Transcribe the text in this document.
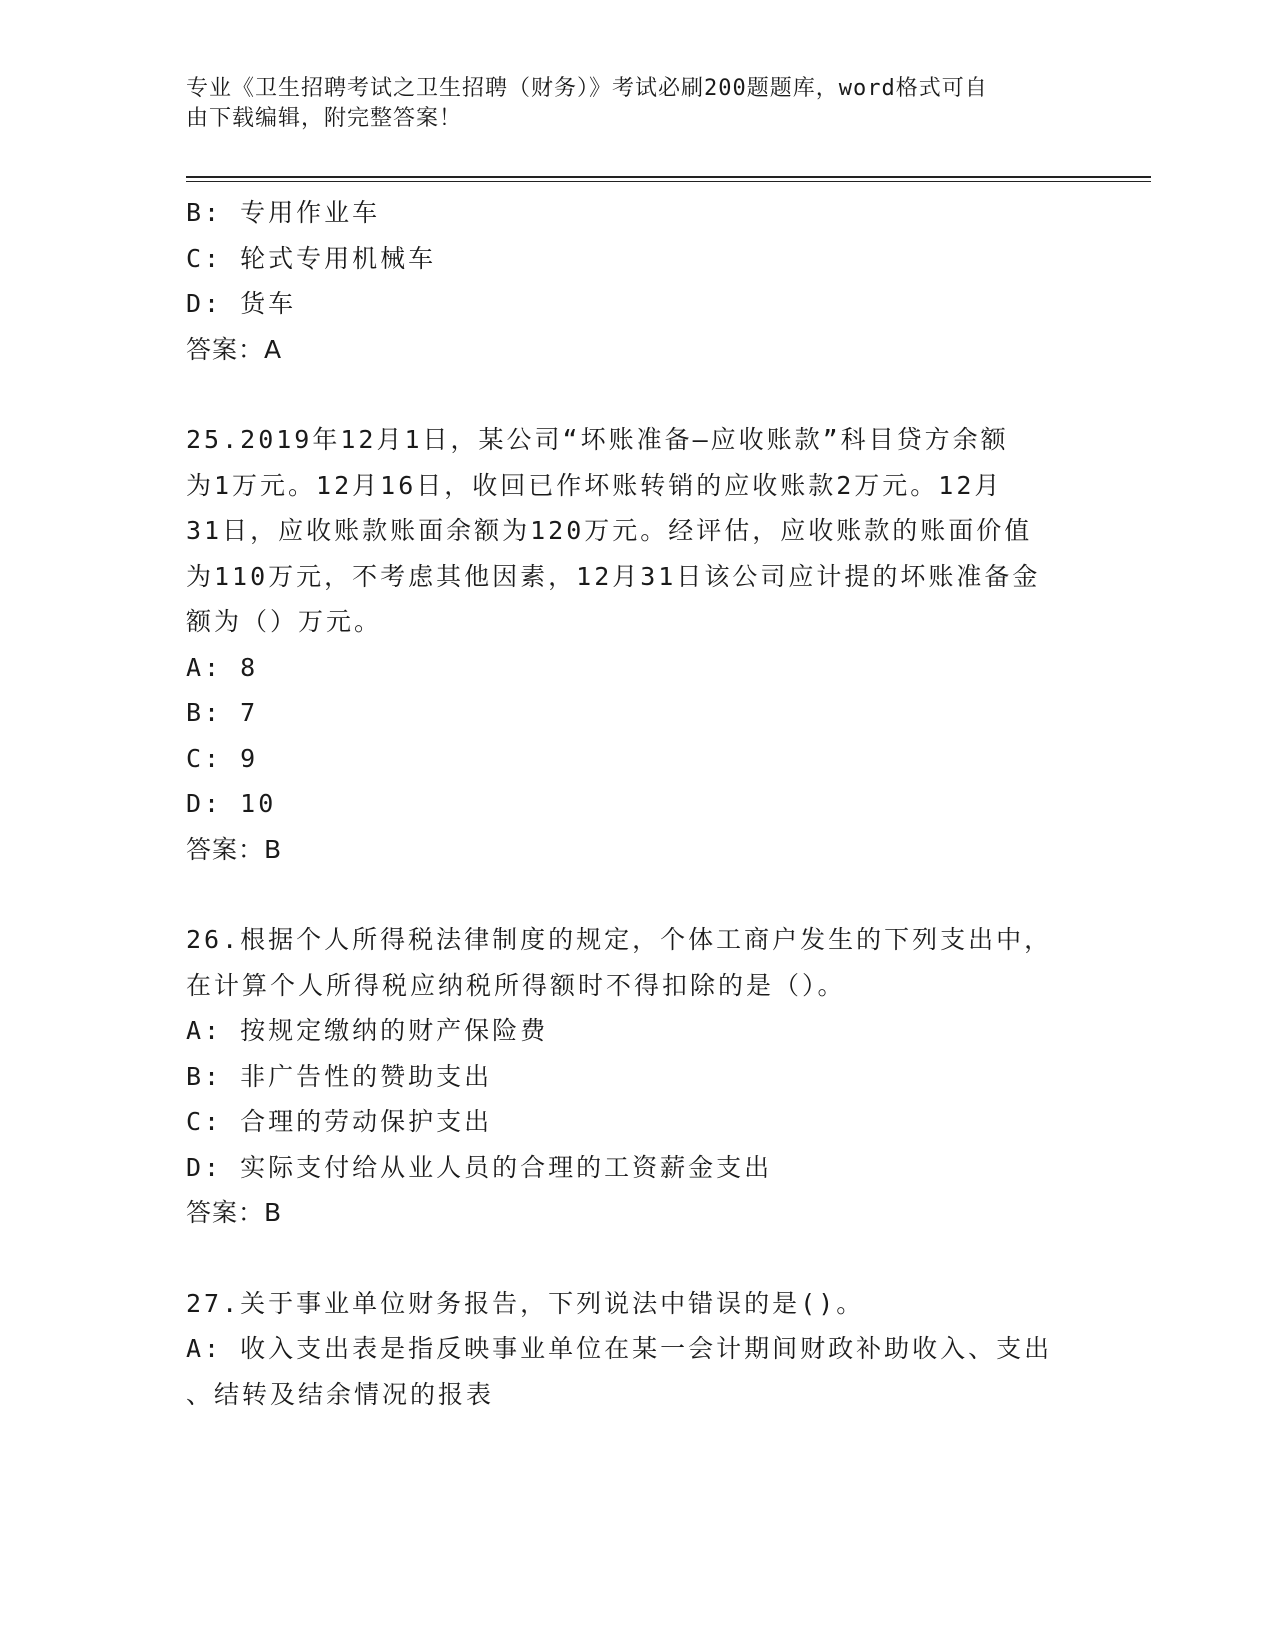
专业《卫生招聘考试之卫生招聘（财务）》考试必刷200题题库，word格式可自
由下载编辑，附完整答案！
B: 专用作业车
C: 轮式专用机械车
D: 货车
答案：A
25.2019年12月1日，某公司“坏账准备—应收账款”科目贷方余额
为1万元。12月16日，收回已作坏账转销的应收账款2万元。12月
31日，应收账款账面余额为120万元。经评估，应收账款的账面价值
为110万元，不考虑其他因素，12月31日该公司应计提的坏账准备金
额为（）万元。
A: 8
B: 7
C: 9
D: 10
答案：B
26.根据个人所得税法律制度的规定，个体工商户发生的下列支出中，
在计算个人所得税应纳税所得额时不得扣除的是（）。
A: 按规定缴纳的财产保险费
B: 非广告性的赞助支出
C: 合理的劳动保护支出
D: 实际支付给从业人员的合理的工资薪金支出
答案：B
27.关于事业单位财务报告，下列说法中错误的是()。
A: 收入支出表是指反映事业单位在某一会计期间财政补助收入、支出
、结转及结余情况的报表
